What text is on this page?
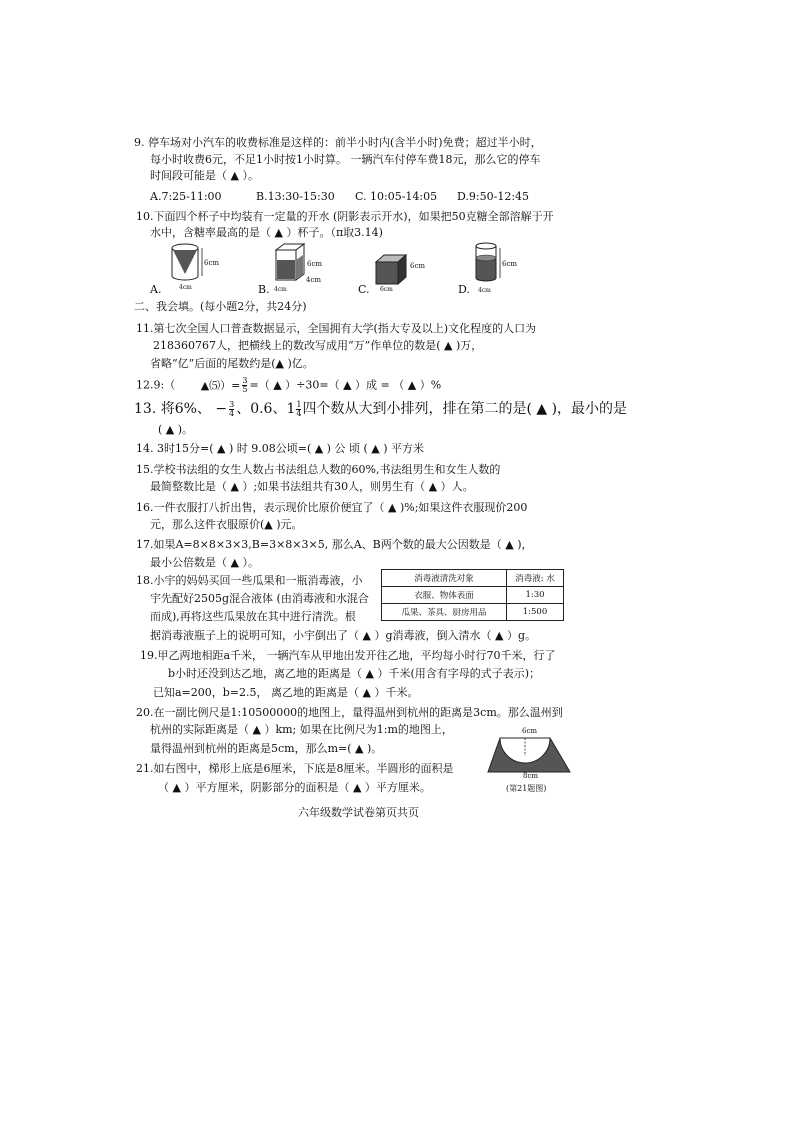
9. 停车场对小汽车的收费标准是这样的：前半小时内(含半小时)免费；超过半小时，
每小时收费6元，不足1小时按1小时算。 一辆汽车付停车费18元，那么它的停车
时间段可能是（ ▲ ）。
A.7:25-11:00	B.13:30-15:30 C. 10:05-14:05 D.9:50-12:45
10.下面四个杯子中均装有一定量的开水 (阴影表示开水)，如果把50克糖全部溶解于开
水中，含糖率最高的是（ ▲ ）杯子。（π取3.14)
A.	B.	C.	D.
6cm
4cm
6cm
4cm
4cm
6cm
6cm
6cm
4cm
二、我会填。(每小题2分，共24分)
11.第七次全国人口普查数据显示，全国拥有大学(指大专及以上)文化程度的人口为
218360767人，把横线上的数改写成用“万”作单位的数是( ▲ )万，
省略“亿”后面的尾数约是(▲ )亿。
12.9:（ ▲⑸）= $\frac{3}{5}$ =（ ▲ ）÷30=（ ▲ ）成 = （ ▲ ）%
13. 将6%、 − $\frac{3}{4}$ 、0.6、$1 \frac{1}{4}$ 四个数从大到小排列，排在第二的是( ▲ )，最小的是
( ▲ )。
14. 3时15分=( ▲ ) 时 9.08公顷=( ▲ ) 公 顷 ( ▲ ) 平方米
15.学校书法组的女生人数占书法组总人数的60%,书法组男生和女生人数的
最简整数比是（ ▲ ）;如果书法组共有30人，则男生有（ ▲ ）人。
16.一件衣服打八折出售，表示现价比原价便宜了（ ▲ )%;如果这件衣服现价200
元，那么这件衣服原价(▲ )元。
17.如果A=8×8×3×3,B=3×8×3×5, 那么A、B两个数的最大公因数是（ ▲ )，
最小公倍数是（ ▲ ）。
18.小宇的妈妈买回一些瓜果和一瓶消毒液，小
宇先配好2505g混合液体 (由消毒液和水混合
而成),再将这些瓜果放在其中进行清洗。根
据消毒液瓶子上的说明可知，小宇倒出了（ ▲ ）g消毒液，倒入清水（ ▲ ）g。
消毒液清洗对象	消毒液: 水
衣服、物体表面	1:30
瓜果、茶具、厨房用品	1:500
19.甲乙两地相距a千米， 一辆汽车从甲地出发开往乙地，平均每小时行70千米，行了
b小时还没到达乙地，离乙地的距离是（ ▲ ）千米(用含有字母的式子表示)；
已知a=200，b=2.5， 离乙地的距离是（ ▲ ）千米。
20.在一副比例尺是1:10500000的地图上，量得温州到杭州的距离是3cm。那么温州到
杭州的实际距离是（ ▲ ）km; 如果在比例尺为1:m的地图上，
量得温州到杭州的距离是5cm，那么m=( ▲ )。
21.如右图中，梯形上底是6厘米，下底是8厘米。半圆形的面积是
（ ▲ ）平方厘米，阴影部分的面积是（ ▲ ）平方厘米。
6cm
8cm
(第21题图)
六年级数学试卷第页共页
